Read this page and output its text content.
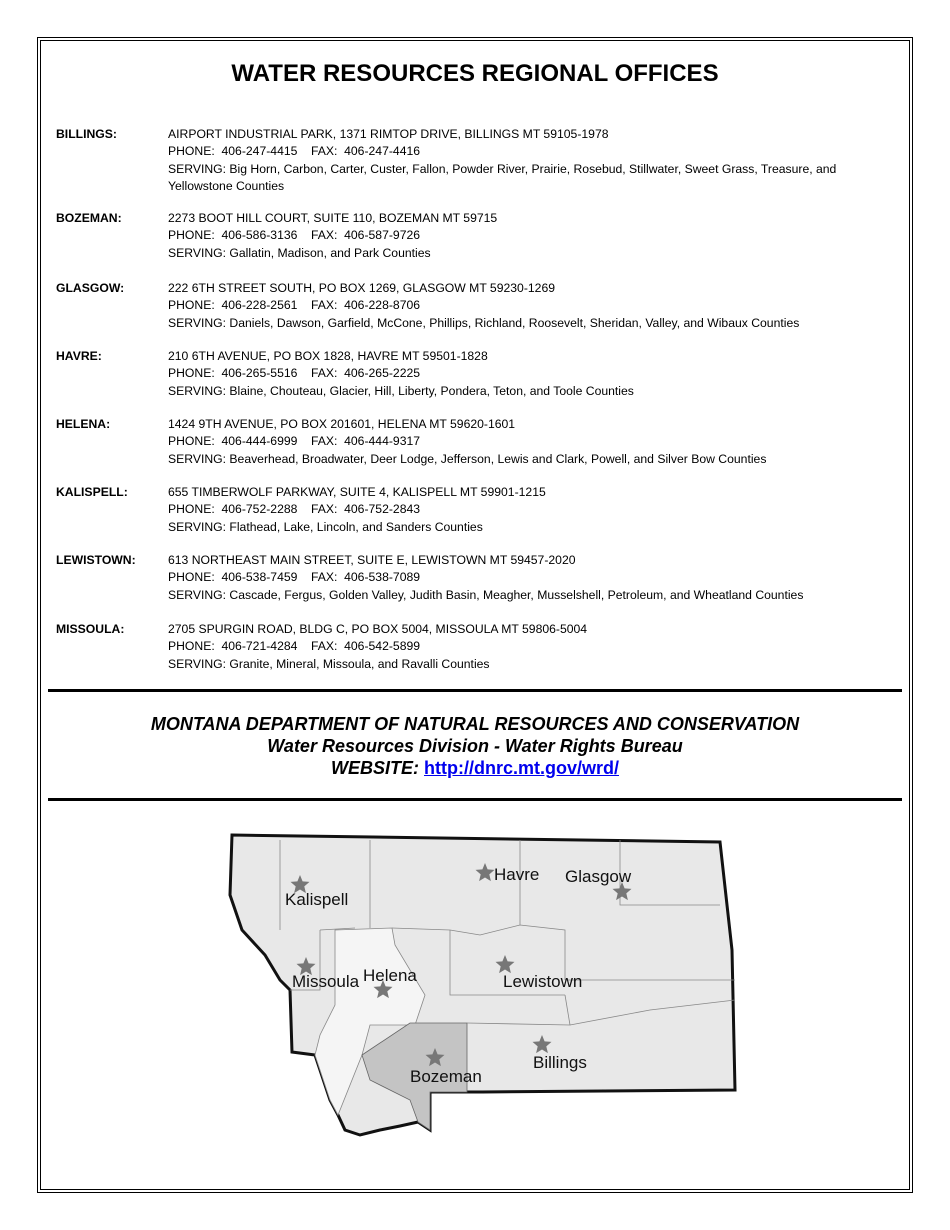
WATER RESOURCES REGIONAL OFFICES
BILLINGS:	AIRPORT INDUSTRIAL PARK, 1371 RIMTOP DRIVE, BILLINGS MT 59105-1978
PHONE:  406-247-4415    FAX:  406-247-4416
SERVING: Big Horn, Carbon, Carter, Custer, Fallon, Powder River, Prairie, Rosebud, Stillwater, Sweet Grass, Treasure, and Yellowstone Counties
BOZEMAN:	2273 BOOT HILL COURT, SUITE 110, BOZEMAN MT 59715
PHONE:  406-586-3136    FAX:  406-587-9726
SERVING: Gallatin, Madison, and Park Counties
GLASGOW:	222 6TH STREET SOUTH, PO BOX 1269, GLASGOW MT 59230-1269
PHONE:  406-228-2561    FAX:  406-228-8706
SERVING: Daniels, Dawson, Garfield, McCone, Phillips, Richland, Roosevelt, Sheridan, Valley, and Wibaux Counties
HAVRE:	210 6TH AVENUE, PO BOX 1828, HAVRE MT 59501-1828
PHONE:  406-265-5516    FAX:  406-265-2225
SERVING: Blaine, Chouteau, Glacier, Hill, Liberty, Pondera, Teton, and Toole Counties
HELENA:	1424 9TH AVENUE, PO BOX 201601, HELENA MT 59620-1601
PHONE:  406-444-6999    FAX:  406-444-9317
SERVING: Beaverhead, Broadwater, Deer Lodge, Jefferson, Lewis and Clark, Powell, and Silver Bow Counties
KALISPELL:	655 TIMBERWOLF PARKWAY, SUITE 4, KALISPELL MT 59901-1215
PHONE:  406-752-2288    FAX:  406-752-2843
SERVING: Flathead, Lake, Lincoln, and Sanders Counties
LEWISTOWN:	613 NORTHEAST MAIN STREET, SUITE E, LEWISTOWN MT 59457-2020
PHONE:  406-538-7459    FAX:  406-538-7089
SERVING: Cascade, Fergus, Golden Valley, Judith Basin, Meagher, Musselshell, Petroleum, and Wheatland Counties
MISSOULA:	2705 SPURGIN ROAD, BLDG C, PO BOX 5004, MISSOULA MT 59806-5004
PHONE:  406-721-4284    FAX:  406-542-5899
SERVING: Granite, Mineral, Missoula, and Ravalli Counties
MONTANA DEPARTMENT OF NATURAL RESOURCES AND CONSERVATION
Water Resources Division - Water Rights Bureau
WEBSITE: http://dnrc.mt.gov/wrd/
Kalispell
Havre Glasgow
Missoula Helena	Lewistown
Billings
Bozeman
